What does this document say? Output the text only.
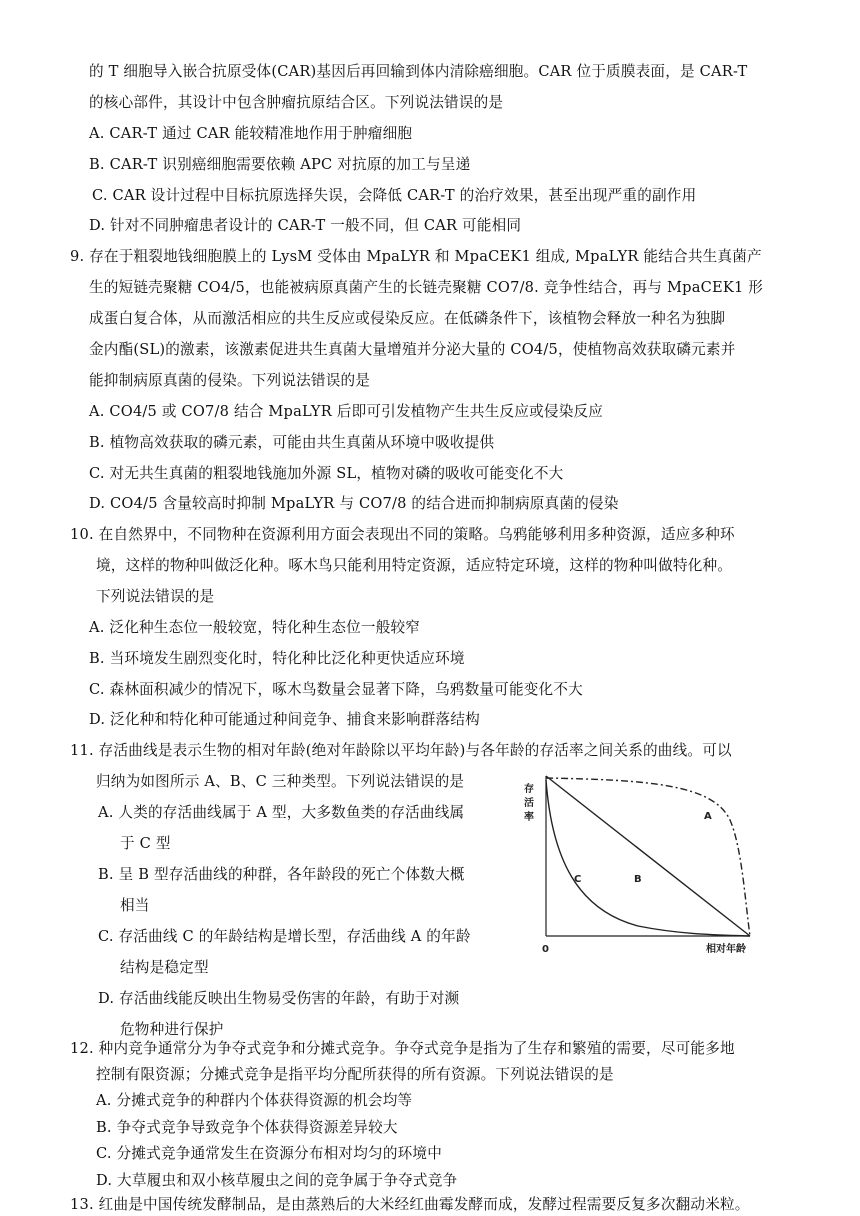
的 T 细胞导入嵌合抗原受体(CAR)基因后再回输到体内清除癌细胞。CAR 位于质膜表面，是 CAR-T
的核心部件，其设计中包含肿瘤抗原结合区。下列说法错误的是
A. CAR-T 通过 CAR 能较精准地作用于肿瘤细胞
B. CAR-T 识别癌细胞需要依赖 APC 对抗原的加工与呈递
C. CAR 设计过程中目标抗原选择失误，会降低 CAR-T 的治疗效果，甚至出现严重的副作用
D. 针对不同肿瘤患者设计的 CAR-T 一般不同，但 CAR 可能相同
9. 存在于粗裂地钱细胞膜上的 LysM 受体由 MpaLYR 和 MpaCEK1 组成, MpaLYR 能结合共生真菌产
生的短链壳聚糖 CO4/5，也能被病原真菌产生的长链壳聚糖 CO7/8. 竞争性结合，再与 MpaCEK1 形
成蛋白复合体，从而激活相应的共生反应或侵染反应。在低磷条件下，该植物会释放一种名为独脚
金内酯(SL)的激素，该激素促进共生真菌大量增殖并分泌大量的 CO4/5，使植物高效获取磷元素并
能抑制病原真菌的侵染。下列说法错误的是
A. CO4/5 或 CO7/8 结合 MpaLYR 后即可引发植物产生共生反应或侵染反应
B. 植物高效获取的磷元素，可能由共生真菌从环境中吸收提供
C. 对无共生真菌的粗裂地钱施加外源 SL，植物对磷的吸收可能变化不大
D. CO4/5 含量较高时抑制 MpaLYR 与 CO7/8 的结合进而抑制病原真菌的侵染
10. 在自然界中，不同物种在资源利用方面会表现出不同的策略。乌鸦能够利用多种资源，适应多种环
境，这样的物种叫做泛化种。啄木鸟只能利用特定资源，适应特定环境，这样的物种叫做特化种。
下列说法错误的是
A. 泛化种生态位一般较宽，特化种生态位一般较窄
B. 当环境发生剧烈变化时，特化种比泛化种更快适应环境
C. 森林面积减少的情况下，啄木鸟数量会显著下降，乌鸦数量可能变化不大
D. 泛化种和特化种可能通过种间竞争、捕食来影响群落结构
11. 存活曲线是表示生物的相对年龄(绝对年龄除以平均年龄)与各年龄的存活率之间关系的曲线。可以
归纳为如图所示 A、B、C 三种类型。下列说法错误的是
A. 人类的存活曲线属于 A 型，大多数鱼类的存活曲线属
于 C 型
B. 呈 B 型存活曲线的种群，各年龄段的死亡个体数大概
相当
C. 存活曲线 C 的年龄结构是增长型，存活曲线 A 的年龄
结构是稳定型
D. 存活曲线能反映出生物易受伤害的年龄，有助于对濒
危物种进行保护
存
活
率
0	相对年龄
A
B
C
12. 种内竞争通常分为争夺式竞争和分摊式竞争。争夺式竞争是指为了生存和繁殖的需要，尽可能多地
控制有限资源；分摊式竞争是指平均分配所获得的所有资源。下列说法错误的是
A. 分摊式竞争的种群内个体获得资源的机会均等
B. 争夺式竞争导致竞争个体获得资源差异较大
C. 分摊式竞争通常发生在资源分布相对均匀的环境中
D. 大草履虫和双小核草履虫之间的竞争属于争夺式竞争
13. 红曲是中国传统发酵制品，是由蒸熟后的大米经红曲霉发酵而成，发酵过程需要反复多次翻动米粒。
